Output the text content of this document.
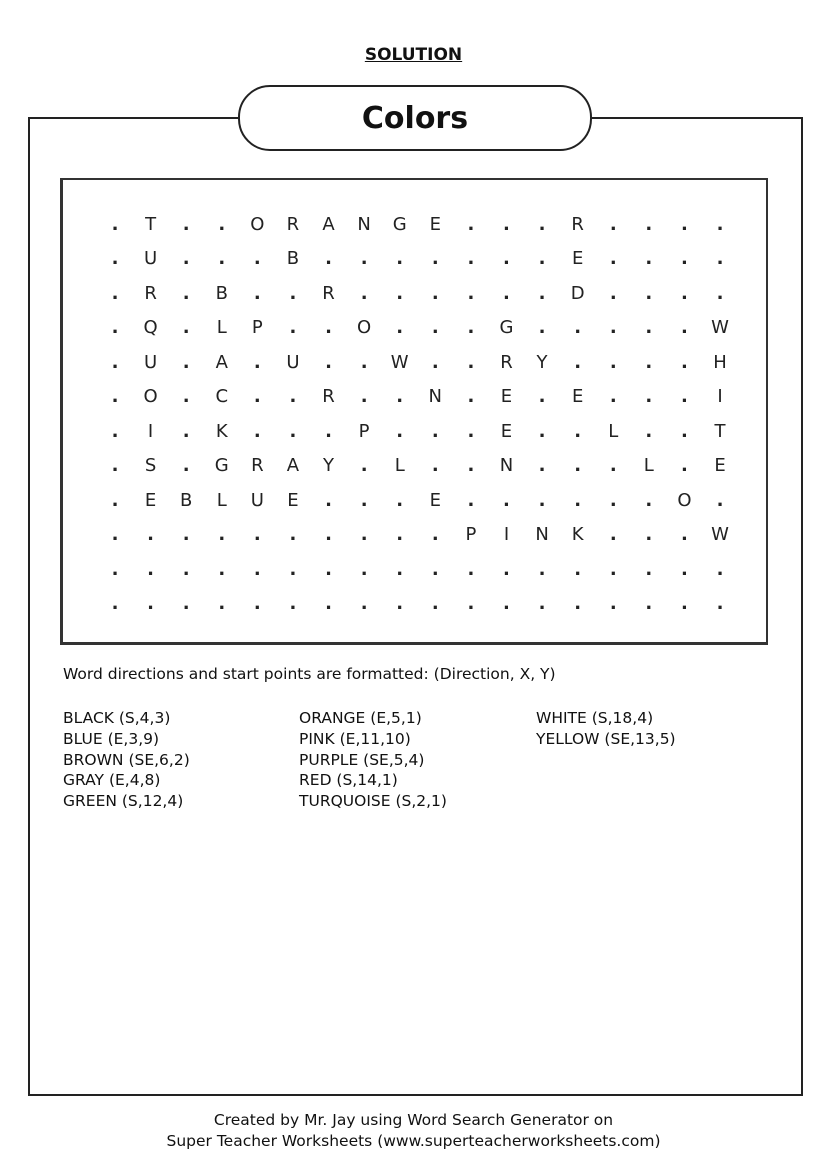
SOLUTION
Colors
.	T	.	.	O	R	A	N	G	E	.	.	.	R	.	.	.	.
.	U	.	.	.	B	.	.	.	.	.	.	.	E	.	.	.	.
.	R	.	B	.	.	R	.	.	.	.	.	.	D	.	.	.	.
.	Q	.	L	P	.	.	O	.	.	.	G	.	.	.	.	.	W
.	U	.	A	.	U	.	.	W	.	.	R	Y	.	.	.	.	H
.	O	.	C	.	.	R	.	.	N	.	E	.	E	.	.	.	I
.	I	.	K	.	.	.	P	.	.	.	E	.	.	L	.	.	T
.	S	.	G	R	A	Y	.	L	.	.	N	.	.	.	L	.	E
.	E	B	L	U	E	.	.	.	E	.	.	.	.	.	.	O	.
.	.	.	.	.	.	.	.	.	.	P	I	N	K	.	.	.	W
.	.	.	.	.	.	.	.	.	.	.	.	.	.	.	.	.	.
.	.	.	.	.	.	.	.	.	.	.	.	.	.	.	.	.	.
Word directions and start points are formatted: (Direction, X, Y)
BLACK (S,4,3)
BLUE (E,3,9)
BROWN (SE,6,2)
GRAY (E,4,8)
GREEN (S,12,4)
ORANGE (E,5,1)
PINK (E,11,10)
PURPLE (SE,5,4)
RED (S,14,1)
TURQUOISE (S,2,1)
WHITE (S,18,4)
YELLOW (SE,13,5)
Created by Mr. Jay using Word Search Generator on
Super Teacher Worksheets (www.superteacherworksheets.com)
